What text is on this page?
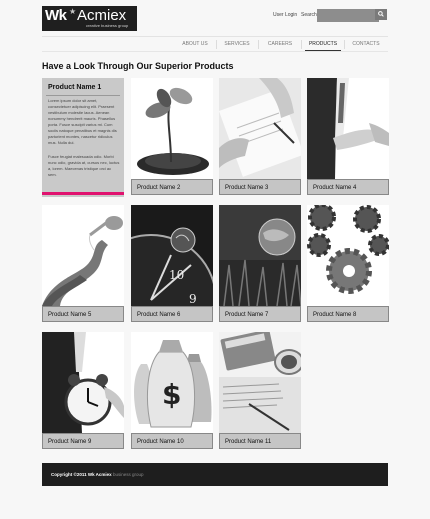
Wk ★ Acmiex
creative business group
User Login Search
ABOUT US	SERVICES	CAREERS	PRODUCTS	CONTACTS
Have a Look Through Our Superior Products
Product Name 1
Lorem ipsum dolor sit amet, consectetuer adipiscing elit. Praesent vestibulum molestie lacus. Aenean nonummy hendrerit mauris. Phasellus porta. Fusce suscipit varius mi. Cum sociis natoque penatibus et magnis dis parturient montes, nascetur ridiculus mus. Nulla dui.
Fusce feugiat malesuada odio. Morbi nunc odio, gravida at, cursus nec, luctus a, lorem. Maecenas tristique orci ac sem.
Product Name 2	Product Name 3	Product Name 4
Product Name 5
10
9
Product Name 6	Product Name 7	Product Name 8
Product Name 9
$
Product Name 10	Product Name 11
Copyright ©2011 Wk Acmiex business group
